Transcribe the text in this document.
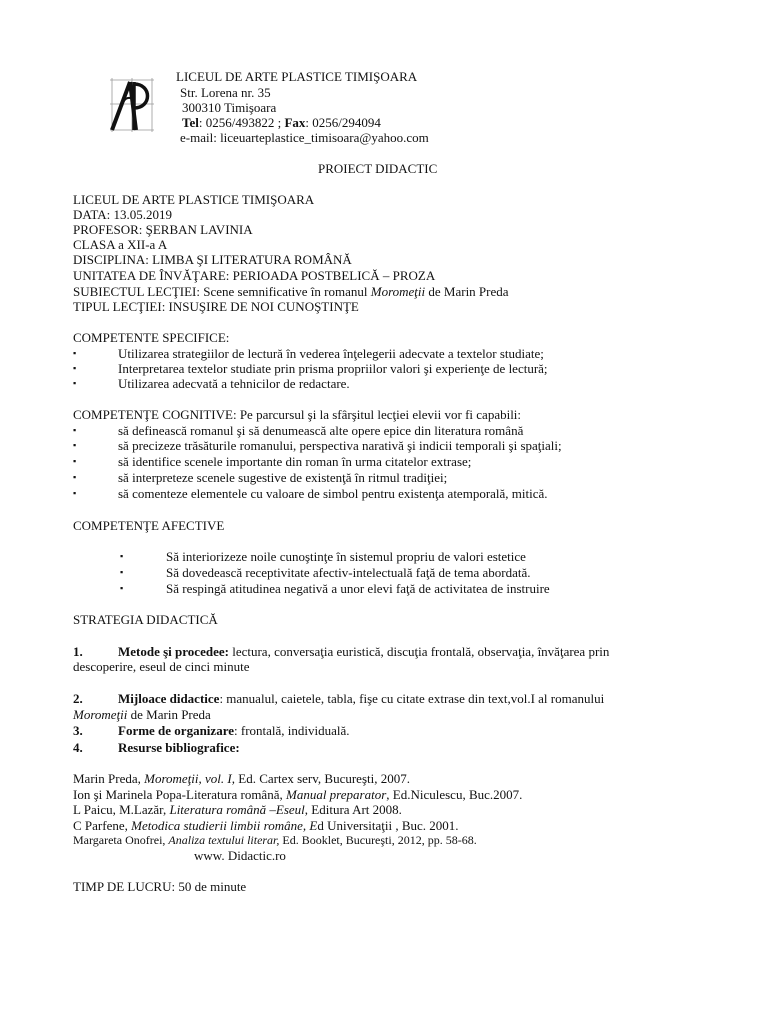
LICEUL DE ARTE PLASTICE TIMIŞOARA
Str. Lorena nr. 35
300310 Timişoara
Tel: 0256/493822 ; Fax: 0256/294094
e-mail: liceuarteplastice_timisoara@yahoo.com
PROIECT DIDACTIC
LICEUL DE ARTE PLASTICE TIMIŞOARA
DATA: 13.05.2019
PROFESOR: ŞERBAN LAVINIA
CLASA a XII-a A
DISCIPLINA: LIMBA ŞI LITERATURA ROMÂNĂ
UNITATEA DE ÎNVĂŢARE: PERIOADA POSTBELICĂ – PROZA
SUBIECTUL LECŢIEI: Scene semnificative în romanul Moromeţii de Marin Preda
TIPUL LECŢIEI: INSUŞIRE DE NOI CUNOŞTINŢE
COMPETENTE SPECIFICE:
▪	Utilizarea strategiilor de lectură în vederea înţelegerii adecvate a textelor studiate;
▪	Interpretarea textelor studiate prin prisma propriilor valori şi experienţe de lectură;
▪	Utilizarea adecvată a tehnicilor de redactare.
COMPETENŢE COGNITIVE: Pe parcursul şi la sfârşitul lecţiei elevii vor fi capabili:
▪	să definească romanul şi să denumească alte opere epice din literatura română
▪	să precizeze trăsăturile romanului, perspectiva narativă şi indicii temporali şi spaţiali;
▪	să identifice scenele importante din roman în urma citatelor extrase;
▪	să interpreteze scenele sugestive de existenţă în ritmul tradiţiei;
▪	să comenteze elementele cu valoare de simbol pentru existenţa atemporală, mitică.
COMPETENŢE AFECTIVE
▪	Să interiorizeze noile cunoştinţe în sistemul propriu de valori estetice
▪	Să dovedească receptivitate afectiv-intelectuală faţă de tema abordată.
▪	Să respingă atitudinea negativă a unor elevi faţă de activitatea de instruire
STRATEGIA DIDACTICĂ
1.	Metode şi procedee: lectura, conversaţia euristică, discuţia frontală, observaţia, învăţarea prin
descoperire, eseul de cinci minute
2.	Mijloace didactice: manualul, caietele, tabla, fişe cu citate extrase din text,vol.I al romanului
Moromeţii de Marin Preda
3.	Forme de organizare: frontală, individuală.
4.	Resurse bibliografice:
Marin Preda, Moromeţii, vol. I, Ed. Cartex serv, Bucureşti, 2007.
Ion şi Marinela Popa-Literatura română, Manual preparator, Ed.Niculescu, Buc.2007.
L Paicu, M.Lazăr, Literatura română –Eseul, Editura Art 2008.
C Parfene, Metodica studierii limbii române, Ed Universitaţii , Buc. 2001.
Margareta Onofrei, Analiza textului literar, Ed. Booklet, Bucureşti, 2012, pp. 58-68.
www. Didactic.ro
TIMP DE LUCRU: 50 de minute
